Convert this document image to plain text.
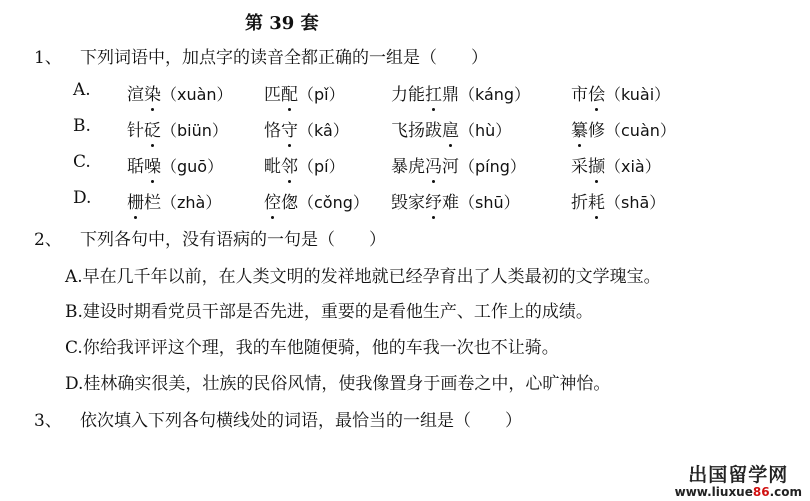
第 39 套
1、 下列词语中，加点字的读音全都正确的一组是（　　）
A. 渲染（xuàn） 匹配（pǐ）	力能扛鼎（káng） 市侩（kuài）
B. 针砭（biün） 恪守（kâ） 飞扬跋扈（hù）	纂修（cuàn）
C. 聒噪（guō） 毗邻（pí）	暴虎冯河（píng）	采撷（xià）
D. 栅栏（zhà）	倥偬（cǒng） 毁家纾难（shū）	折耗（shā）
2、 下列各句中，没有语病的一句是（　　）
A.早在几千年以前，在人类文明的发祥地就已经孕育出了人类最初的文学瑰宝。
B.建设时期看党员干部是否先进，重要的是看他生产、工作上的成绩。
C.你给我评评这个理，我的车他随便骑，他的车我一次也不让骑。
D.桂林确实很美，壮族的民俗风情，使我像置身于画卷之中，心旷神怡。
3、 依次填入下列各句横线处的词语，最恰当的一组是（　　）
出国留学网
www.liuxue86.com
